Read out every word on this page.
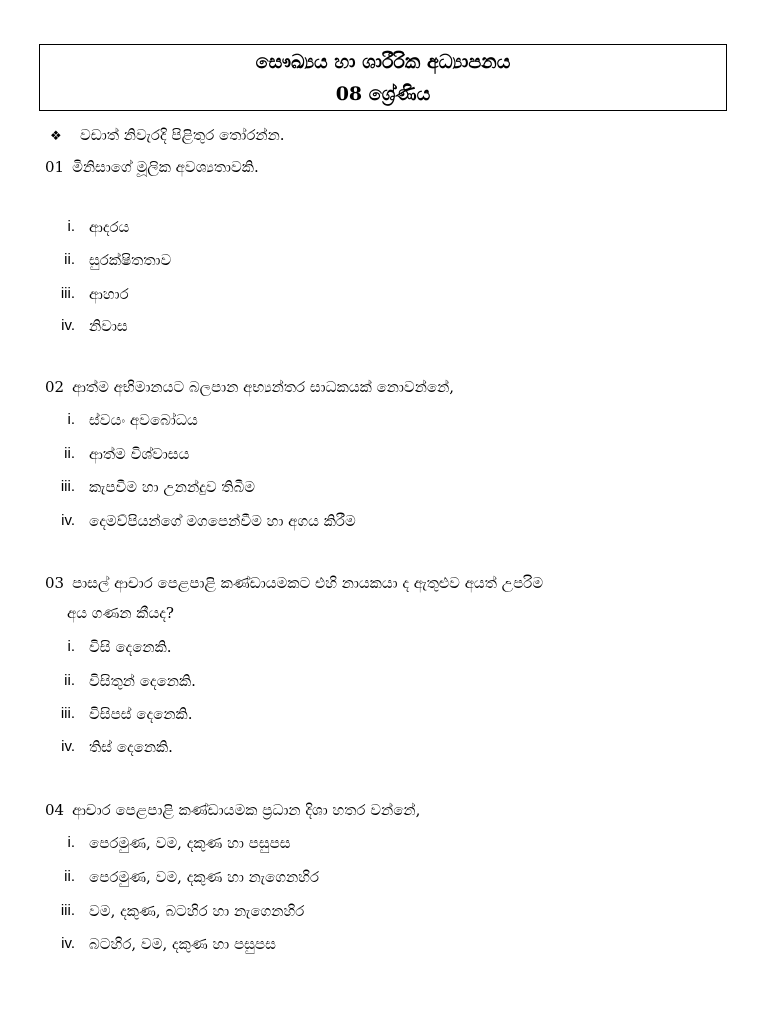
සෞඛ්‍යය හා ශාරීරික අධ්‍යාපනය
08 ශ්‍රේණිය
❖ වඩාත් නිවැරදි පිළිතුර තෝරන්න.
01 මිනිසාගේ මූලික අවශ්‍යතාවකි.
i. ආදරය
ii. සුරක්ෂිතතාව
iii. ආහාර
iv. නිවාස
02 ආත්ම අභිමානයට බලපාන අභ්‍යන්තර සාධකයක් නොවන්නේ,
i. ස්වයං අවබෝධය
ii. ආත්ම විශ්වාසය
iii. කැපවීම හා උනන්දුව තිබීම
iv. දෙමව්පියන්ගේ මගපෙන්වීම හා අගය කිරීම
03 පාසල් ආචාර පෙළපාළි කණ්ඩායමකට එහි නායකයා ද ඇතුළුව අයත් උපරිම
අය ගණන කීයද?
i. විසි දෙනෙකි.
ii. විසිතුන් දෙනෙකි.
iii. විසිපස් දෙනෙකි.
iv. තිස් දෙනෙකි.
04 ආචාර පෙළපාළි කණ්ඩායමක ප්‍රධාන දිශා හතර වන්නේ,
i. පෙරමුණ, වම, දකුණ හා පසුපස
ii. පෙරමුණ, වම, දකුණ හා නැගෙනහිර
iii. වම, දකුණ, බටහිර හා නැගෙනහිර
iv. බටහිර, වම, දකුණ හා පසුපස
